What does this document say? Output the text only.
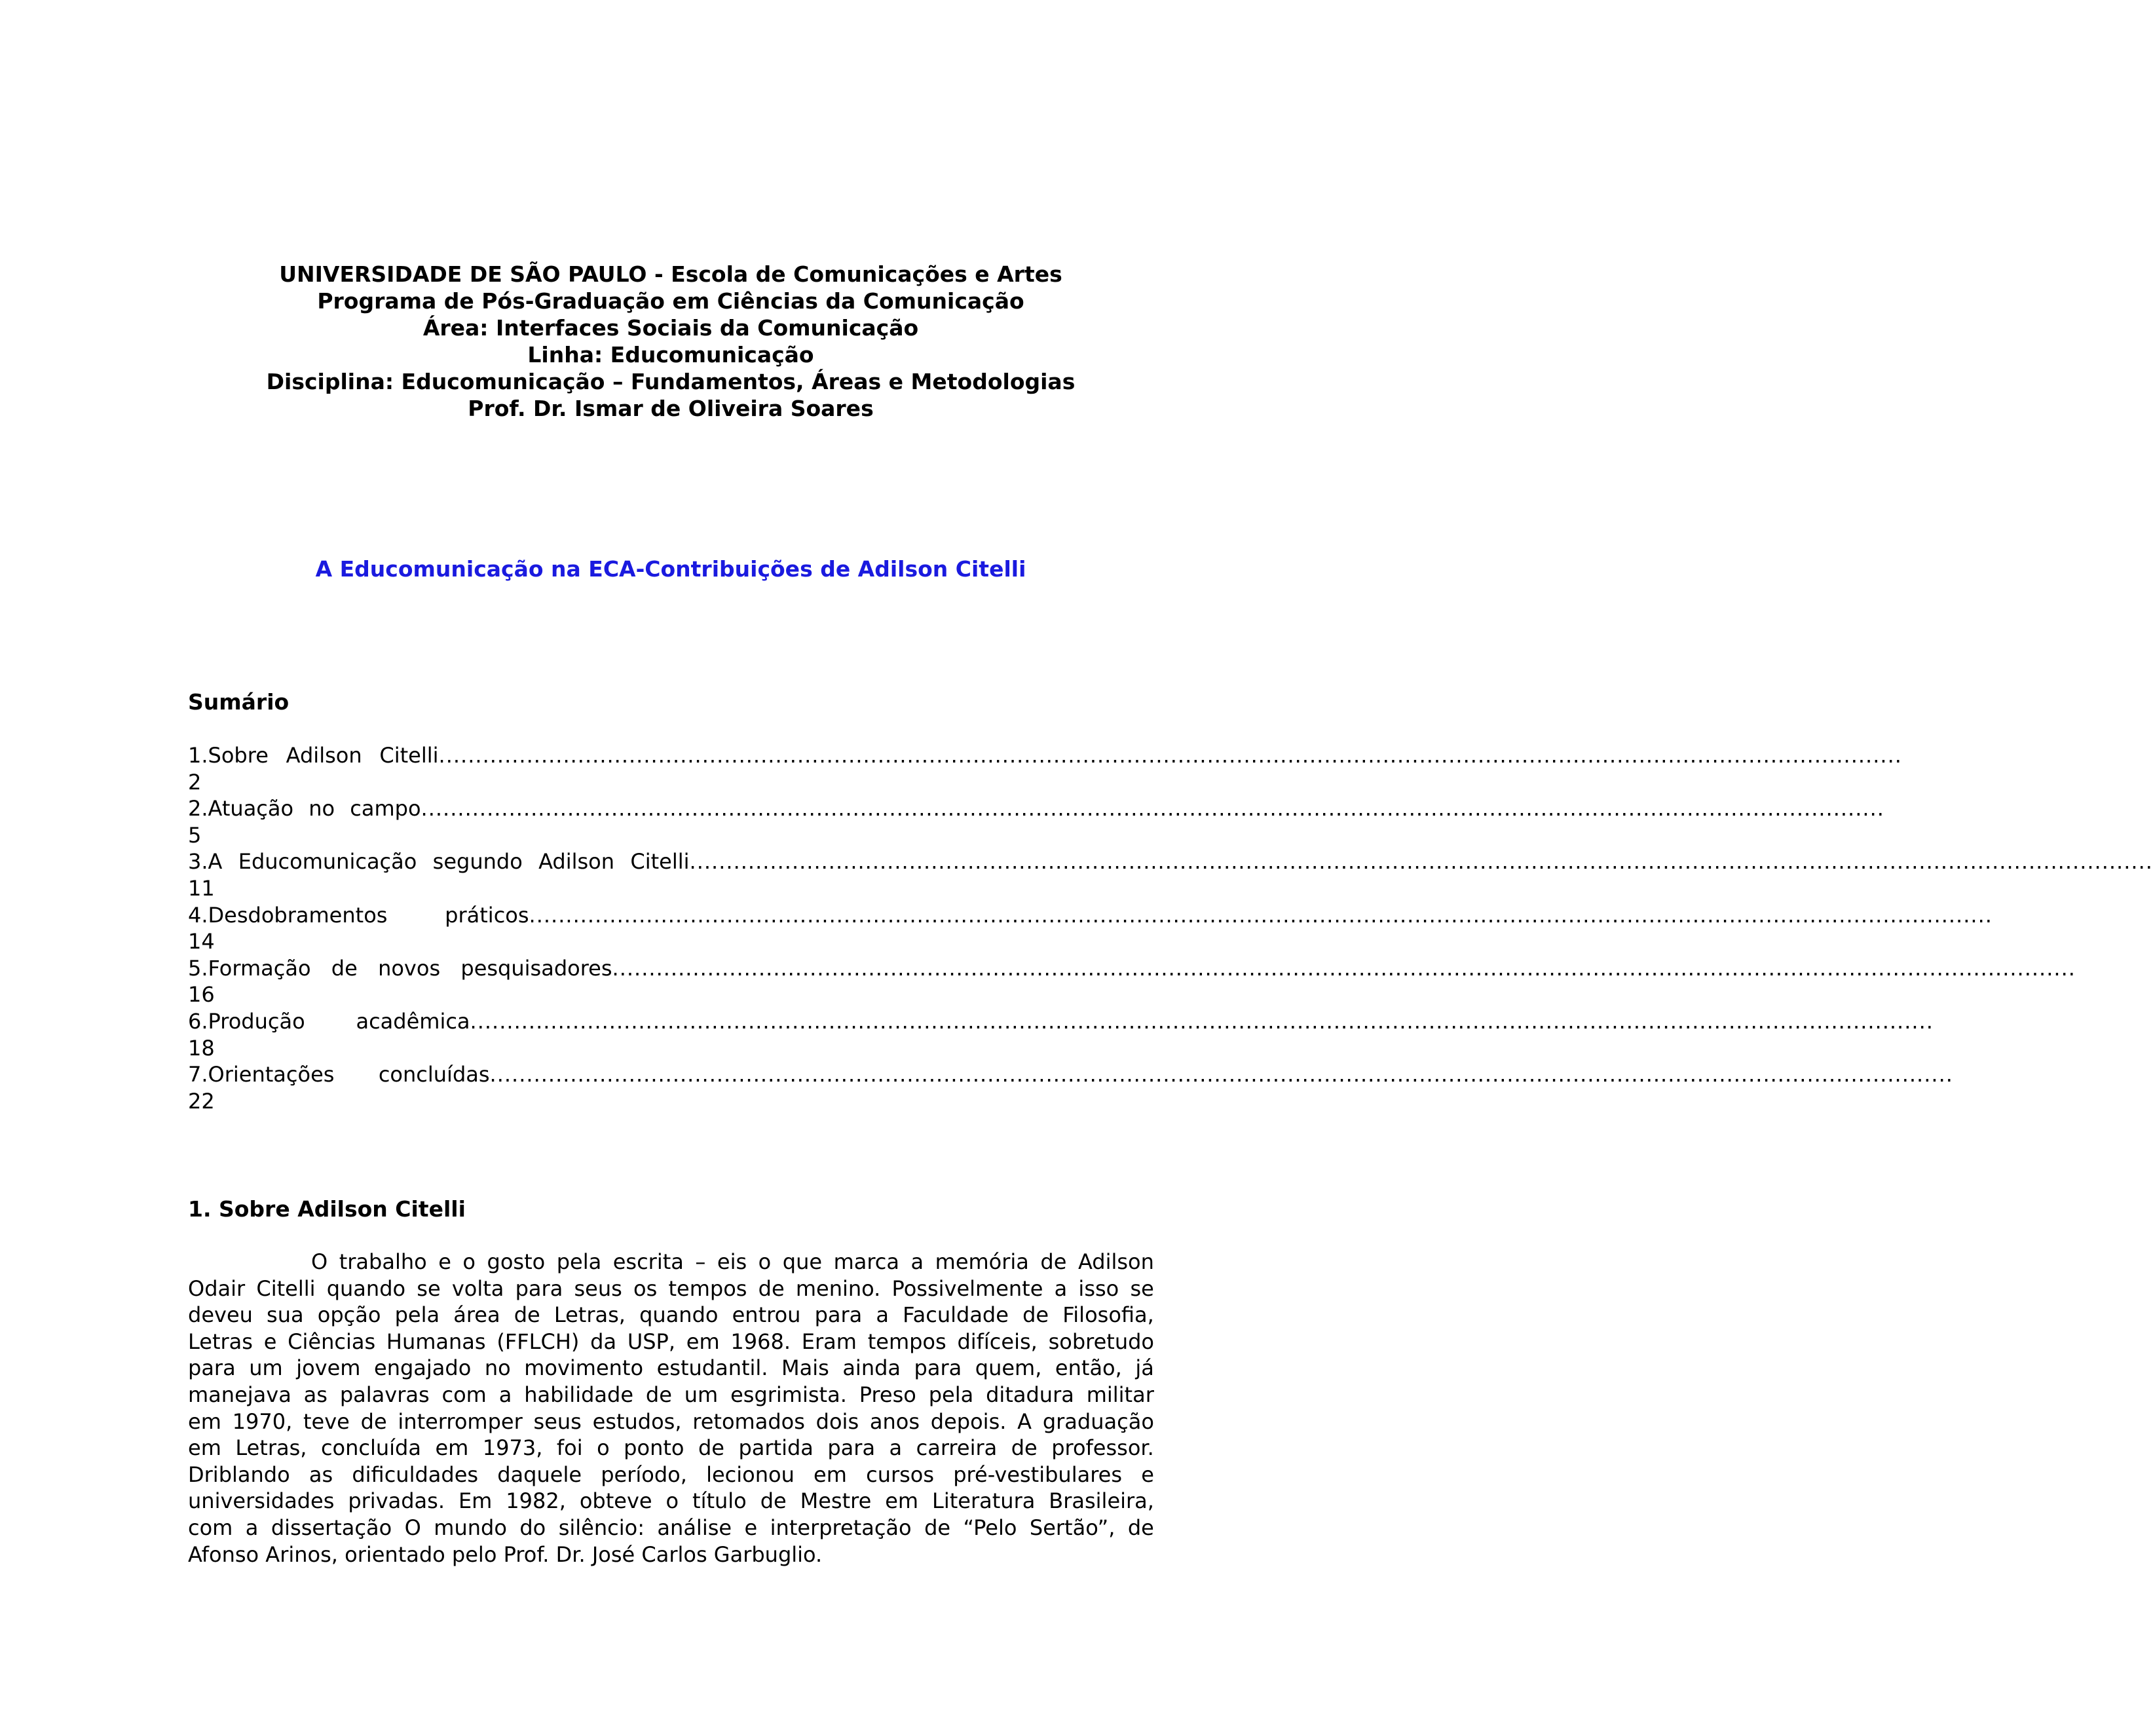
UNIVERSIDADE DE SÃO PAULO - Escola de Comunicações e Artes
Programa de Pós-Graduação em Ciências da Comunicação
Área: Interfaces Sociais da Comunicação
Linha: Educomunicação
Disciplina: Educomunicação – Fundamentos, Áreas e Metodologias
Prof. Dr. Ismar de Oliveira Soares
A Educomunicação na ECA-Contribuições de Adilson Citelli
Sumário
1. Sobre Adilson Citelli ........................................................................................................................................................................................................
2
2. Atuação no campo ........................................................................................................................................................................................................
5
3. A Educomunicação segundo Adilson Citelli ........................................................................................................................................................................................................
11
4. Desdobramentos	práticos ........................................................................................................................................................................................................
14
5. Formação de novos pesquisadores ........................................................................................................................................................................................................
16
6. Produção acadêmica ........................................................................................................................................................................................................
18
7. Orientações concluídas ........................................................................................................................................................................................................
22
1. Sobre Adilson Citelli
O trabalho e o gosto pela escrita – eis o que marca a memória de Adilson
Odair Citelli quando se volta para seus os tempos de menino. Possivelmente a isso se
deveu sua opção pela área de Letras, quando entrou para a Faculdade de Filosofia,
Letras e Ciências Humanas (FFLCH) da USP, em 1968. Eram tempos difíceis, sobretudo
para um jovem engajado no movimento estudantil. Mais ainda para quem, então, já
manejava as palavras com a habilidade de um esgrimista. Preso pela ditadura militar
em 1970, teve de interromper seus estudos, retomados dois anos depois. A graduação
em Letras, concluída em 1973, foi o ponto de partida para a carreira de professor.
Driblando as dificuldades daquele período, lecionou em cursos pré-vestibulares e
universidades privadas. Em 1982, obteve o título de Mestre em Literatura Brasileira,
com a dissertação O mundo do silêncio: análise e interpretação de “Pelo Sertão”, de
Afonso Arinos, orientado pelo Prof. Dr. José Carlos Garbuglio.
